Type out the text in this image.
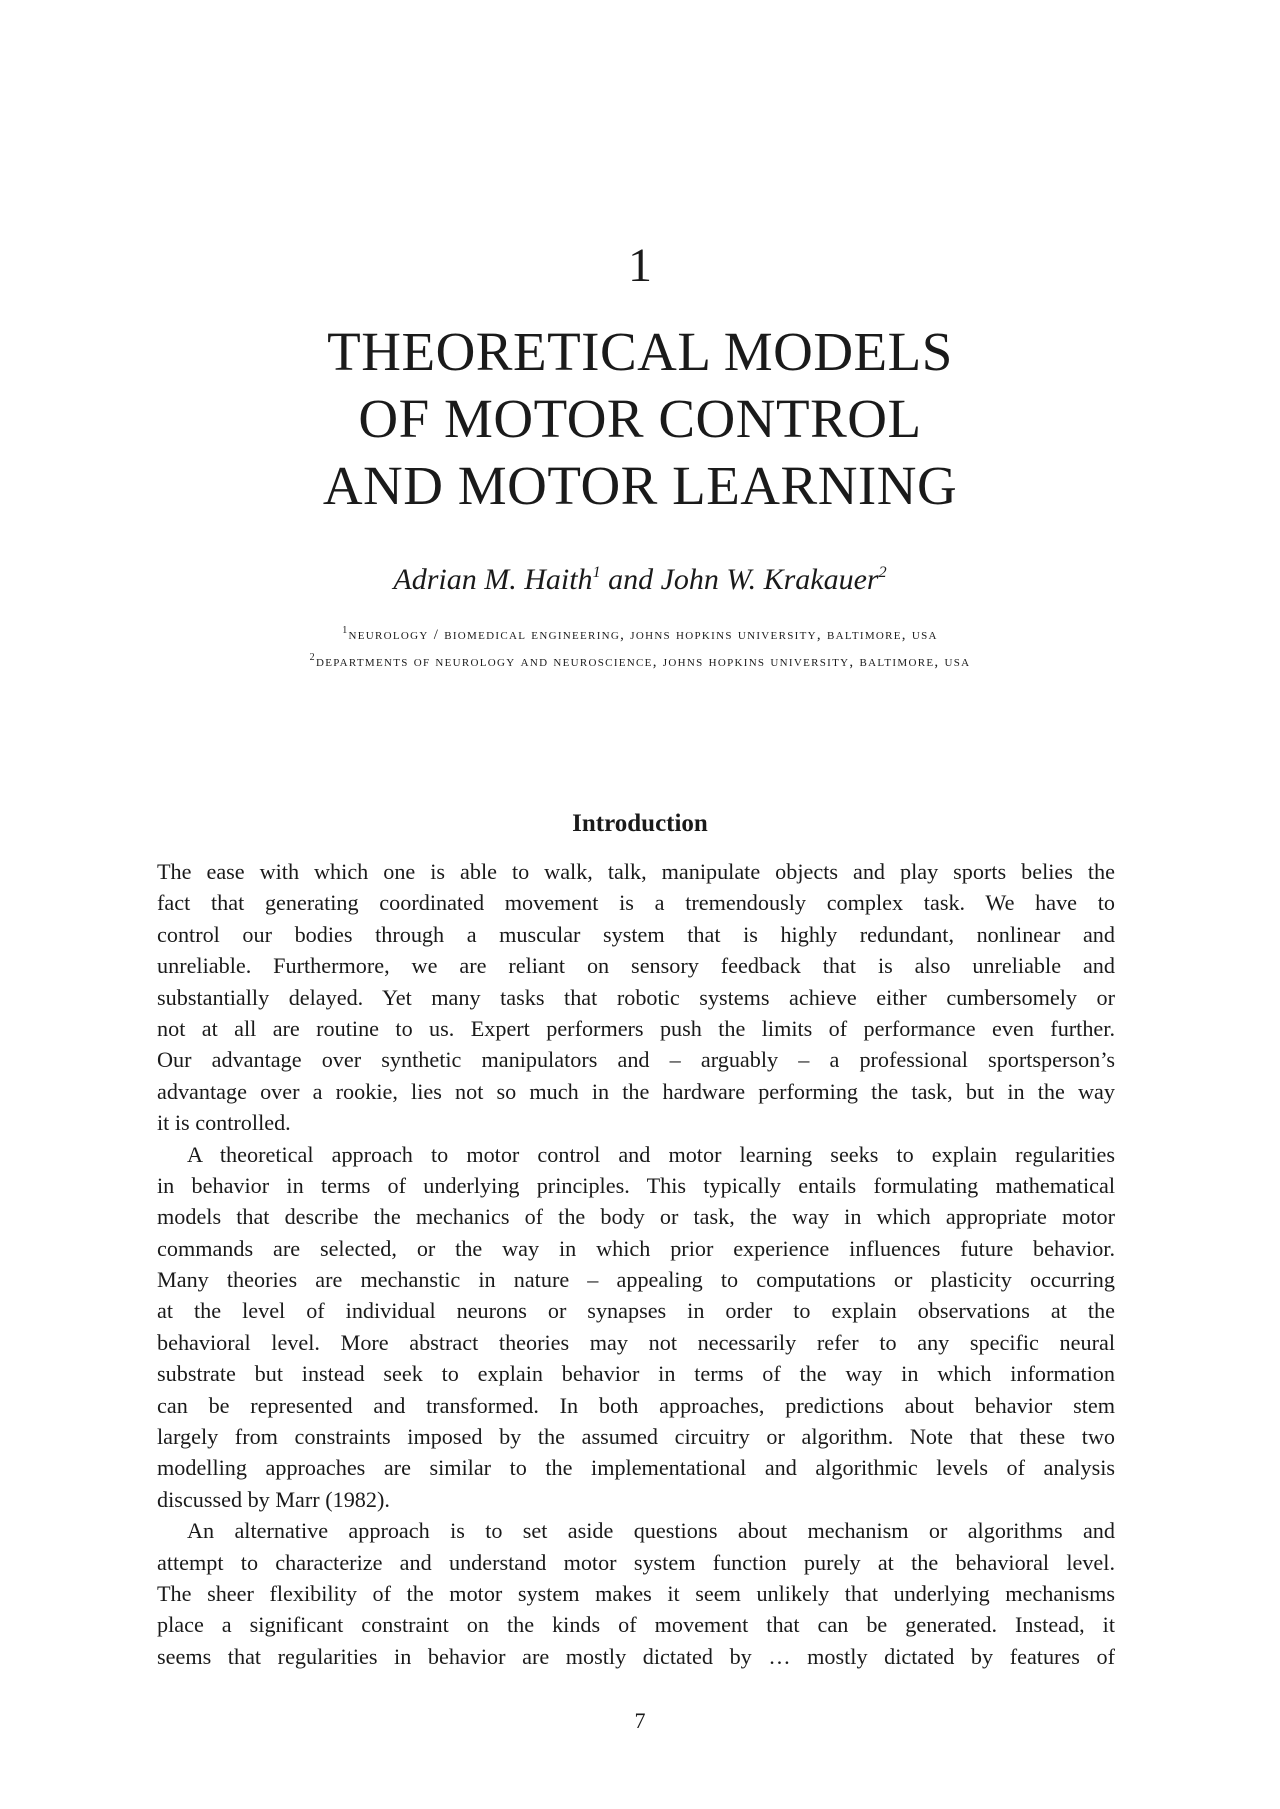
1
THEORETICAL MODELS
OF MOTOR CONTROL
AND MOTOR LEARNING
Adrian M. Haith$^1$ and John W. Krakauer$^2$
$^1$neurology / biomedical engineering, johns hopkins university, baltimore, usa
$^2$departments of neurology and neuroscience, johns hopkins university, baltimore, usa
Introduction
The ease with which one is able to walk, talk, manipulate objects and play sports belies the
fact that generating coordinated movement is a tremendously complex task. We have to
control our bodies through a muscular system that is highly redundant, nonlinear and
unreliable. Furthermore, we are reliant on sensory feedback that is also unreliable and
substantially delayed. Yet many tasks that robotic systems achieve either cumbersomely or
not at all are routine to us. Expert performers push the limits of performance even further.
Our advantage over synthetic manipulators and – arguably – a professional sportsperson’s
advantage over a rookie, lies not so much in the hardware performing the task, but in the way
it is controlled.
A theoretical approach to motor control and motor learning seeks to explain regularities
in behavior in terms of underlying principles. This typically entails formulating mathematical
models that describe the mechanics of the body or task, the way in which appropriate motor
commands are selected, or the way in which prior experience influences future behavior.
Many theories are mechanstic in nature – appealing to computations or plasticity occurring
at the level of individual neurons or synapses in order to explain observations at the
behavioral level. More abstract theories may not necessarily refer to any specific neural
substrate but instead seek to explain behavior in terms of the way in which information
can be represented and transformed. In both approaches, predictions about behavior stem
largely from constraints imposed by the assumed circuitry or algorithm. Note that these two
modelling approaches are similar to the implementational and algorithmic levels of analysis
discussed by Marr (1982).
An alternative approach is to set aside questions about mechanism or algorithms and
attempt to characterize and understand motor system function purely at the behavioral level.
The sheer flexibility of the motor system makes it seem unlikely that underlying mechanisms
place a significant constraint on the kinds of movement that can be generated. Instead, it
seems that regularities in behavior are mostly dictated by … mostly dictated by features of
7
